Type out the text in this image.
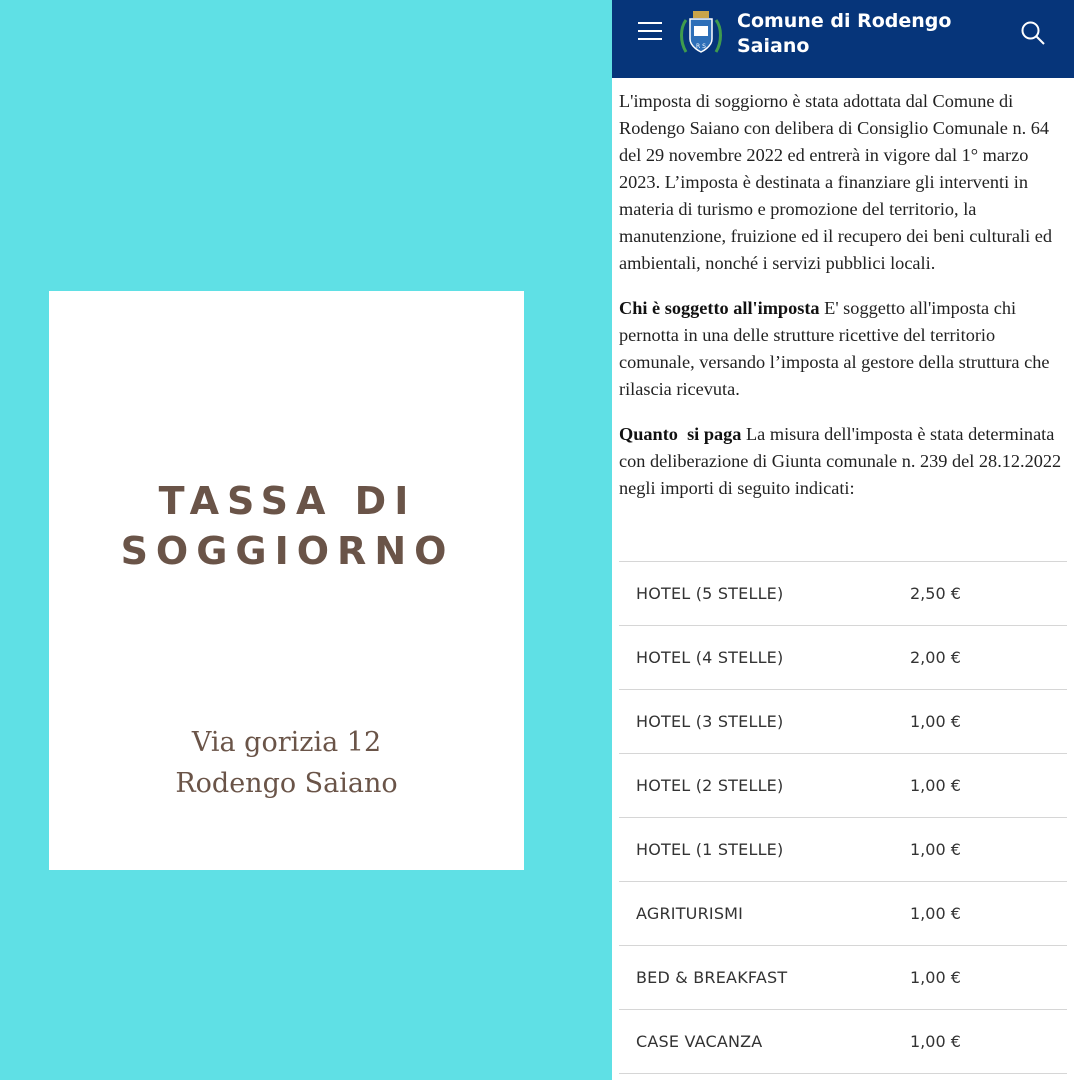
TASSA DI
SOGGIORNO
Via gorizia 12
Rodengo Saiano
R S
Comune di Rodengo
Saiano

L'imposta di soggiorno è stata adottata dal Comune di Rodengo Saiano con delibera di Consiglio Comunale n. 64 del 29 novembre 2022 ed entrerà in vigore dal 1° marzo 2023. L’imposta è destinata a finanziare gli interventi in materia di turismo e promozione del territorio, la manutenzione, fruizione ed il recupero dei beni culturali ed ambientali, nonché i servizi pubblici locali.

Chi è soggetto all'imposta E' soggetto all'imposta chi pernotta in una delle strutture ricettive del territorio comunale, versando l’imposta al gestore della struttura che rilascia ricevuta.

Quanto  si paga La misura dell'imposta è stata determinata con deliberazione di Giunta comunale n. 239 del 28.12.2022 negli importi di seguito indicati:

HOTEL (5 STELLE)	2,50 €
HOTEL (4 STELLE)	2,00 €
HOTEL (3 STELLE)	1,00 €
HOTEL (2 STELLE)	1,00 €
HOTEL (1 STELLE)	1,00 €
AGRITURISMI	1,00 €
BED & BREAKFAST	1,00 €
CASE VACANZA	1,00 €
